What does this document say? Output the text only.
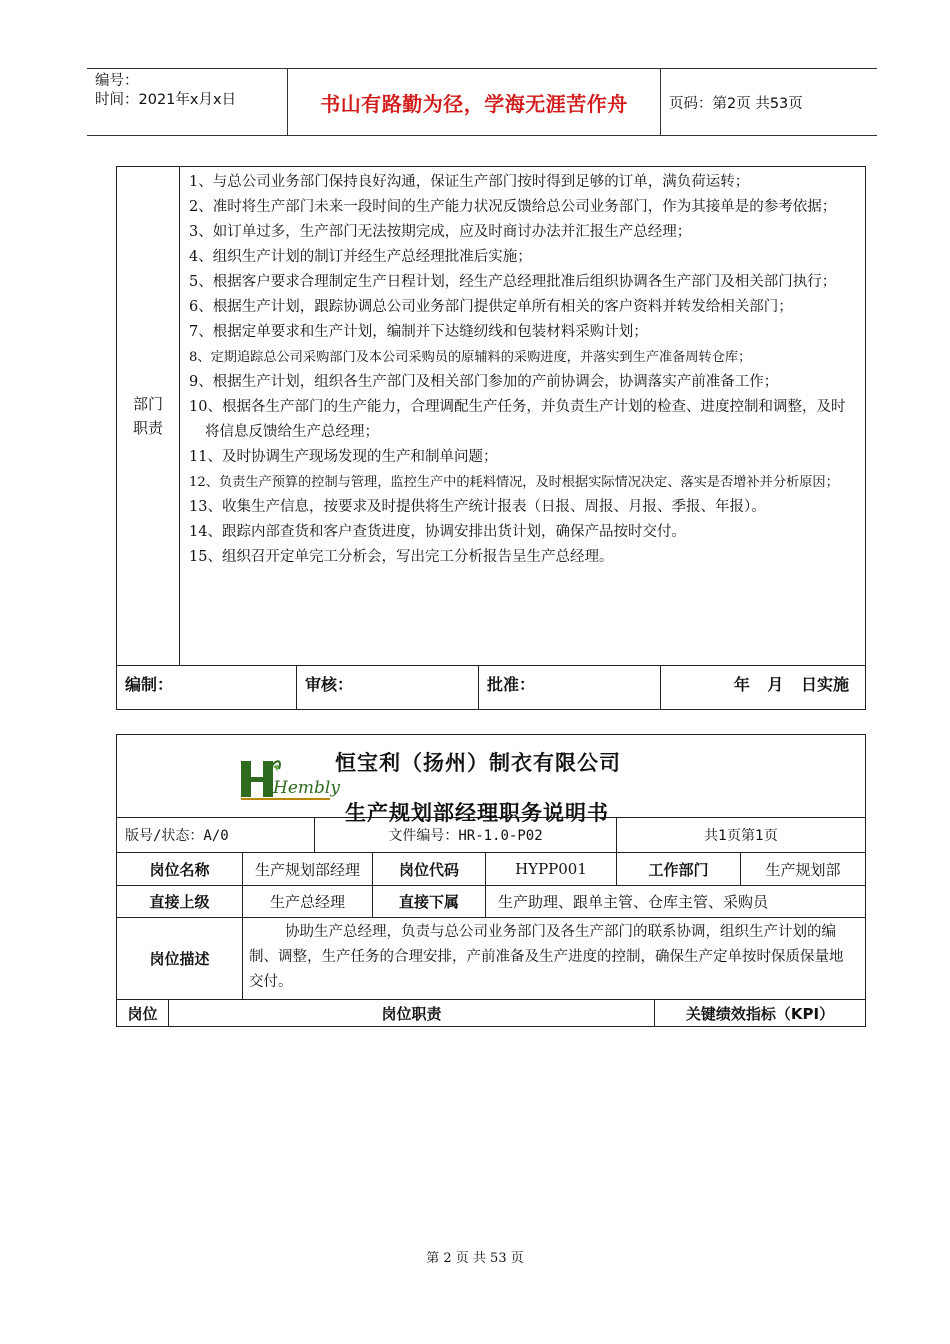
编号：
时间：2021年x月x日	书山有路勤为径，学海无涯苦作舟	页码：第2页 共53页
部门
职责
1、与总公司业务部门保持良好沟通，保证生产部门按时得到足够的订单，满负荷运转；
2、准时将生产部门未来一段时间的生产能力状况反馈给总公司业务部门，作为其接单是的参考依据；
3、如订单过多，生产部门无法按期完成，应及时商讨办法并汇报生产总经理；
4、组织生产计划的制订并经生产总经理批准后实施；
5、根据客户要求合理制定生产日程计划，经生产总经理批准后组织协调各生产部门及相关部门执行；
6、根据生产计划，跟踪协调总公司业务部门提供定单所有相关的客户资料并转发给相关部门；
7、根据定单要求和生产计划，编制并下达缝纫线和包装材料采购计划；
8、定期追踪总公司采购部门及本公司采购员的原辅料的采购进度，并落实到生产准备周转仓库；
9、根据生产计划，组织各生产部门及相关部门参加的产前协调会，协调落实产前准备工作；
10、根据各生产部门的生产能力，合理调配生产任务，并负责生产计划的检查、进度控制和调整，及时将信息反馈给生产总经理；
11、及时协调生产现场发现的生产和制单问题；
12、负责生产预算的控制与管理，监控生产中的耗料情况，及时根据实际情况决定、落实是否增补并分析原因；
13、收集生产信息，按要求及时提供将生产统计报表（日报、周报、月报、季报、年报）。
14、跟踪内部查货和客户查货进度，协调安排出货计划，确保产品按时交付。
15、组织召开定单完工分析会，写出完工分析报告呈生产总经理。
编制：	审核：	批准：	年 月 日实施
Hembly
恒宝利（扬州）制衣有限公司
生产规划部经理职务说明书
版号/状态：A/0	文件编号：HR-1.0-P02	共1页第1页
岗位名称	生产规划部经理	岗位代码	HYPP001	工作部门	生产规划部
直接上级	生产总经理	直接下属	生产助理、跟单主管、仓库主管、采购员
岗位描述
协助生产总经理，负责与总公司业务部门及各生产部门的联系协调，组织生产计划的编制、调整，生产任务的合理安排，产前准备及生产进度的控制，确保生产定单按时保质保量地交付。
岗位	岗位职责	关键绩效指标（KPI）
第 2 页 共 53 页
